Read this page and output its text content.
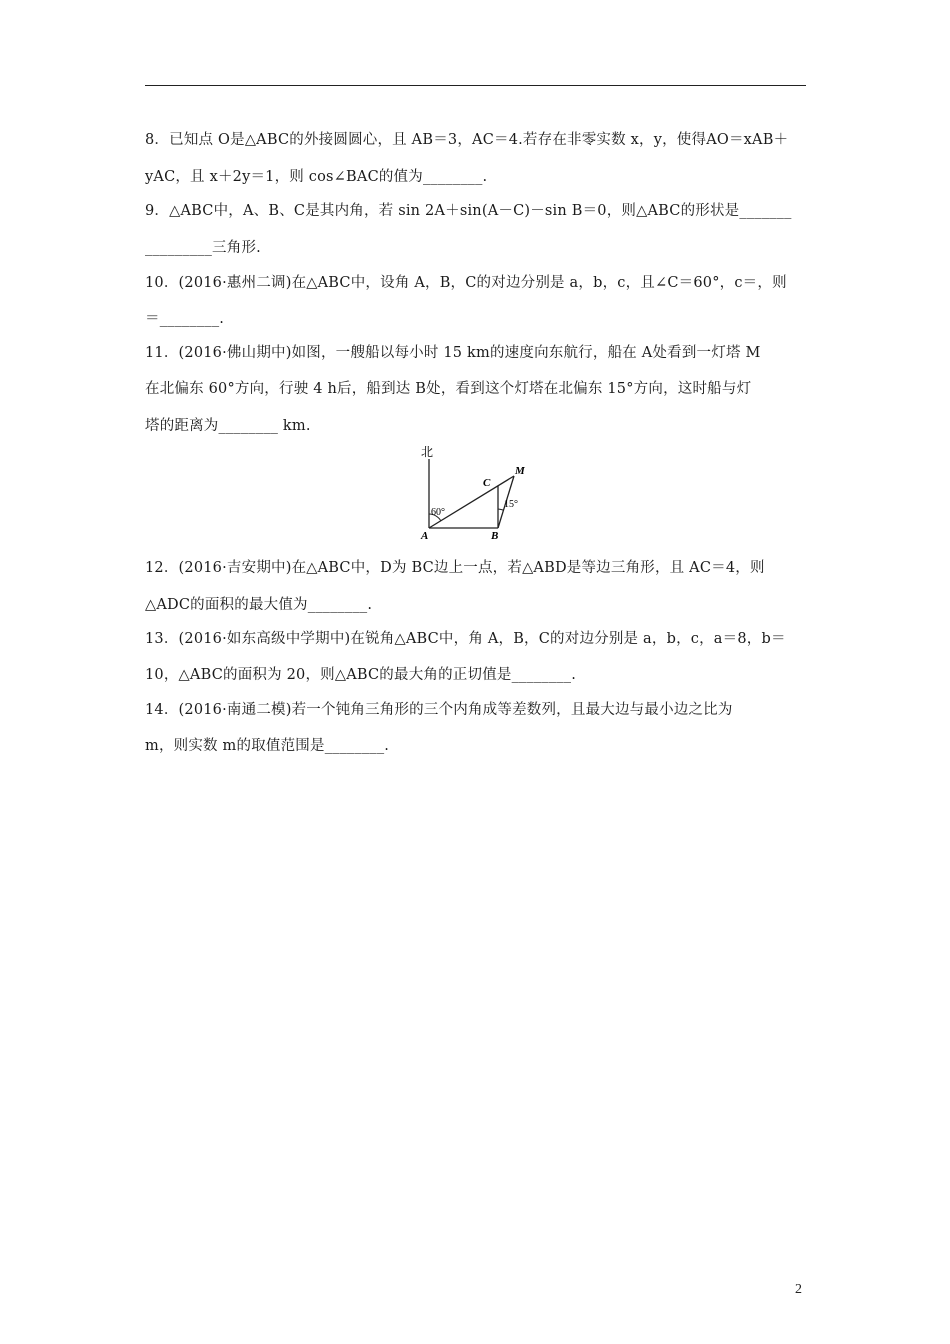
8．已知点 O是△ABC的外接圆圆心，且 AB＝3，AC＝4.若存在非零实数 x，y，使得AO＝xAB＋
yAC，且 x＋2y＝1，则 cos∠BAC的值为________.
9．△ABC中，A、B、C是其内角，若 sin 2A＋sin(A－C)－sin B＝0，则△ABC的形状是_______
_________三角形.
10．(2016·惠州二调)在△ABC中，设角 A，B，C的对边分别是 a，b，c，且∠C＝60°，c＝，则
＝________.
11．(2016·佛山期中)如图，一艘船以每小时 15 km的速度向东航行，船在 A处看到一灯塔 M
在北偏东 60°方向，行驶 4 h后，船到达 B处，看到这个灯塔在北偏东 15°方向，这时船与灯
塔的距离为________ km.
北
A	B
C
M
60°
15°
12．(2016·吉安期中)在△ABC中，D为 BC边上一点，若△ABD是等边三角形，且 AC＝4，则
△ADC的面积的最大值为________.
13．(2016·如东高级中学期中)在锐角△ABC中，角 A，B，C的对边分别是 a，b，c，a＝8，b＝
10，△ABC的面积为 20，则△ABC的最大角的正切值是________.
14．(2016·南通二模)若一个钝角三角形的三个内角成等差数列，且最大边与最小边之比为
m，则实数 m的取值范围是________.
2
